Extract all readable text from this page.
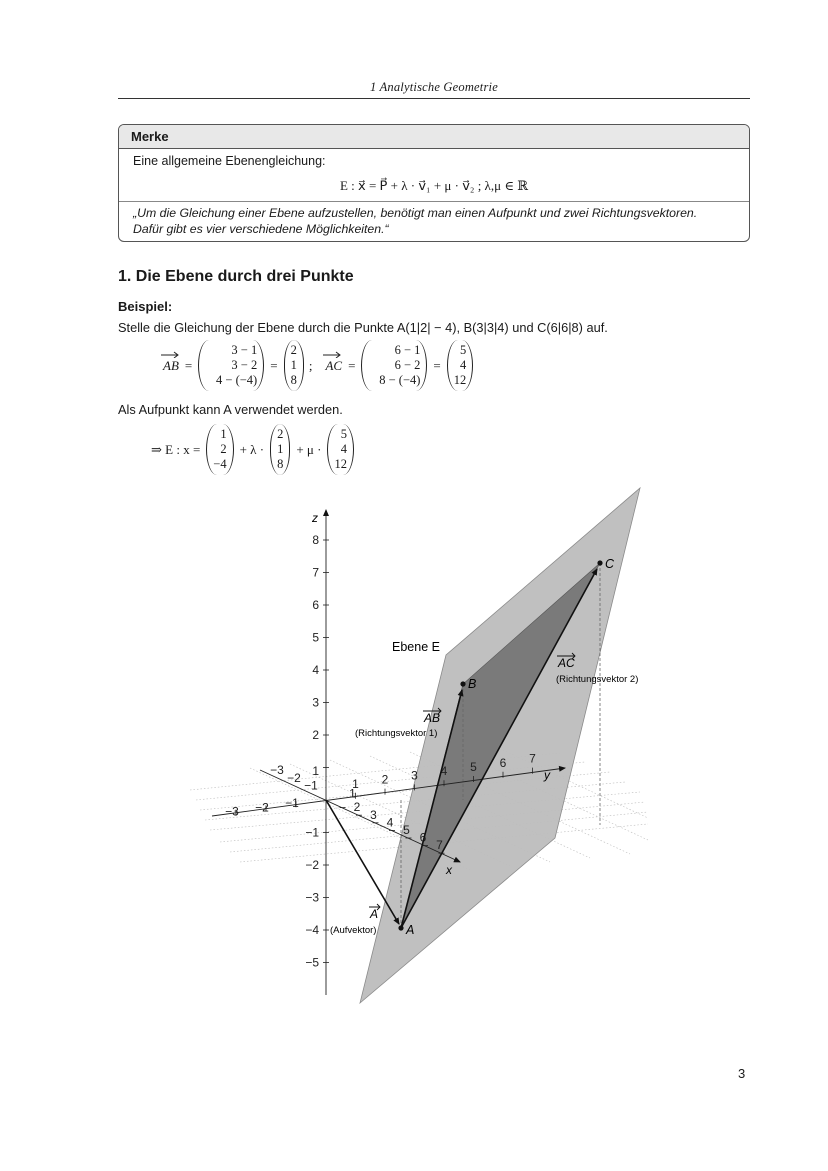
1 Analytische Geometrie
Merke
Eine allgemeine Ebenengleichung:
E : x⃗ = P⃗ + λ · v⃗₁ + μ · v⃗₂ ; λ,μ ∈ ℝ
„Um die Gleichung einer Ebene aufzustellen, benötigt man einen Aufpunkt und zwei Richtungsvektoren.
Dafür gibt es vier verschiedene Möglichkeiten.“
1. Die Ebene durch drei Punkte
Beispiel:
Stelle die Gleichung der Ebene durch die Punkte A(1|2| − 4), B(3|3|4) und C(6|6|8) auf.
AB =
3 − 1
3 − 2
4 − (−4)
=
2
1
8
;	AC =
6 − 1
6 − 2
8 − (−4)
=
5
4
12
Als Aufpunkt kann A verwendet werden.
⇒ E : x =
1
2
−4
+ λ ·
2
1
8
+ μ ·
5
4
12
8
7
6
5
4
3
2
1
−1
−2
−3
−4
−5
1 2 3 4 5 6 7
−3 −2 −1
1
2
3
4
5
6
7
−3
−2
−1
z
x
y
Ebene E
A
B
C
A
(Aufvektor)
AB
(Richtungsvektor 1)
AC
(Richtungsvektor 2)
3
